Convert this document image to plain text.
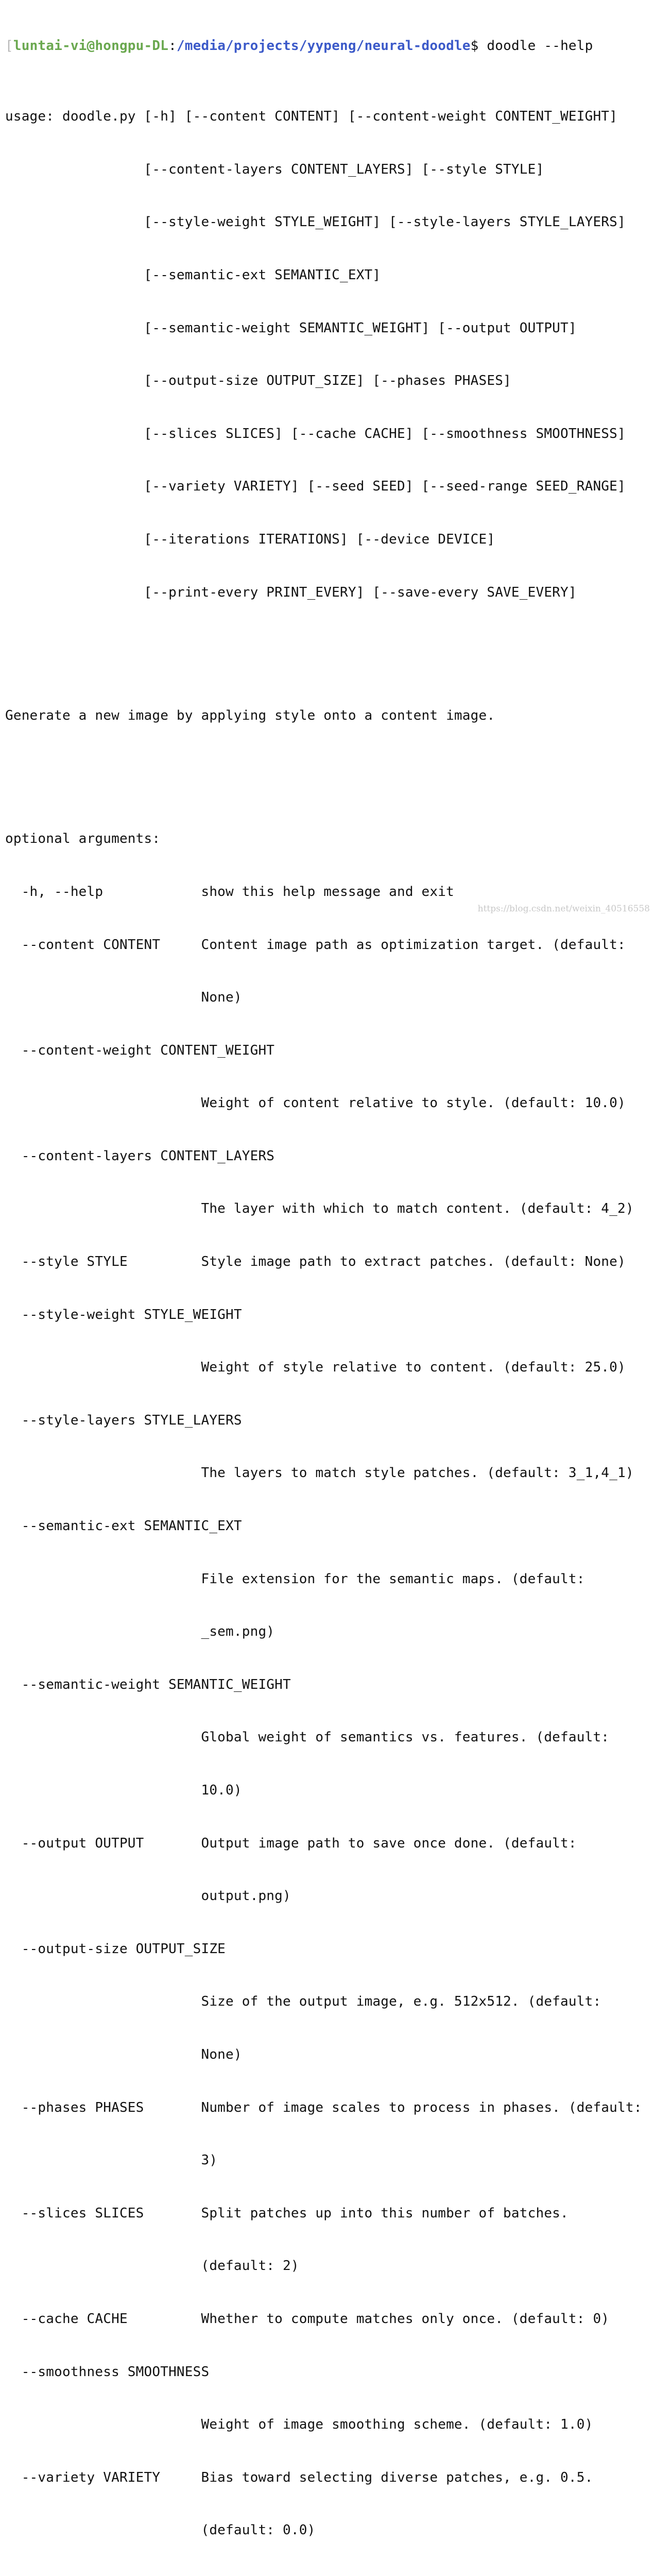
[luntai-vi@hongpu-DL:/media/projects/yypeng/neural-doodle$ doodle --help

usage: doodle.py [-h] [--content CONTENT] [--content-weight CONTENT_WEIGHT]

[--content-layers CONTENT_LAYERS] [--style STYLE]

[--style-weight STYLE_WEIGHT] [--style-layers STYLE_LAYERS]

[--semantic-ext SEMANTIC_EXT]

[--semantic-weight SEMANTIC_WEIGHT] [--output OUTPUT]

[--output-size OUTPUT_SIZE] [--phases PHASES]

[--slices SLICES] [--cache CACHE] [--smoothness SMOOTHNESS]

[--variety VARIETY] [--seed SEED] [--seed-range SEED_RANGE]

[--iterations ITERATIONS] [--device DEVICE]

[--print-every PRINT_EVERY] [--save-every SAVE_EVERY]

Generate a new image by applying style onto a content image.

optional arguments:

-h, --help            show this help message and exit

--content CONTENT     Content image path as optimization target. (default:

None)

--content-weight CONTENT_WEIGHT

Weight of content relative to style. (default: 10.0)

--content-layers CONTENT_LAYERS

The layer with which to match content. (default: 4_2)

--style STYLE         Style image path to extract patches. (default: None)

--style-weight STYLE_WEIGHT

Weight of style relative to content. (default: 25.0)

--style-layers STYLE_LAYERS

The layers to match style patches. (default: 3_1,4_1)

--semantic-ext SEMANTIC_EXT

File extension for the semantic maps. (default:

_sem.png)

--semantic-weight SEMANTIC_WEIGHT

Global weight of semantics vs. features. (default:

10.0)

--output OUTPUT       Output image path to save once done. (default:

output.png)

--output-size OUTPUT_SIZE

Size of the output image, e.g. 512x512. (default:

None)

--phases PHASES       Number of image scales to process in phases. (default:

3)

--slices SLICES       Split patches up into this number of batches.

(default: 2)

--cache CACHE         Whether to compute matches only once. (default: 0)

--smoothness SMOOTHNESS

Weight of image smoothing scheme. (default: 1.0)

--variety VARIETY     Bias toward selecting diverse patches, e.g. 0.5.

(default: 0.0)

https://blog.csdn.net/weixin_40516558
